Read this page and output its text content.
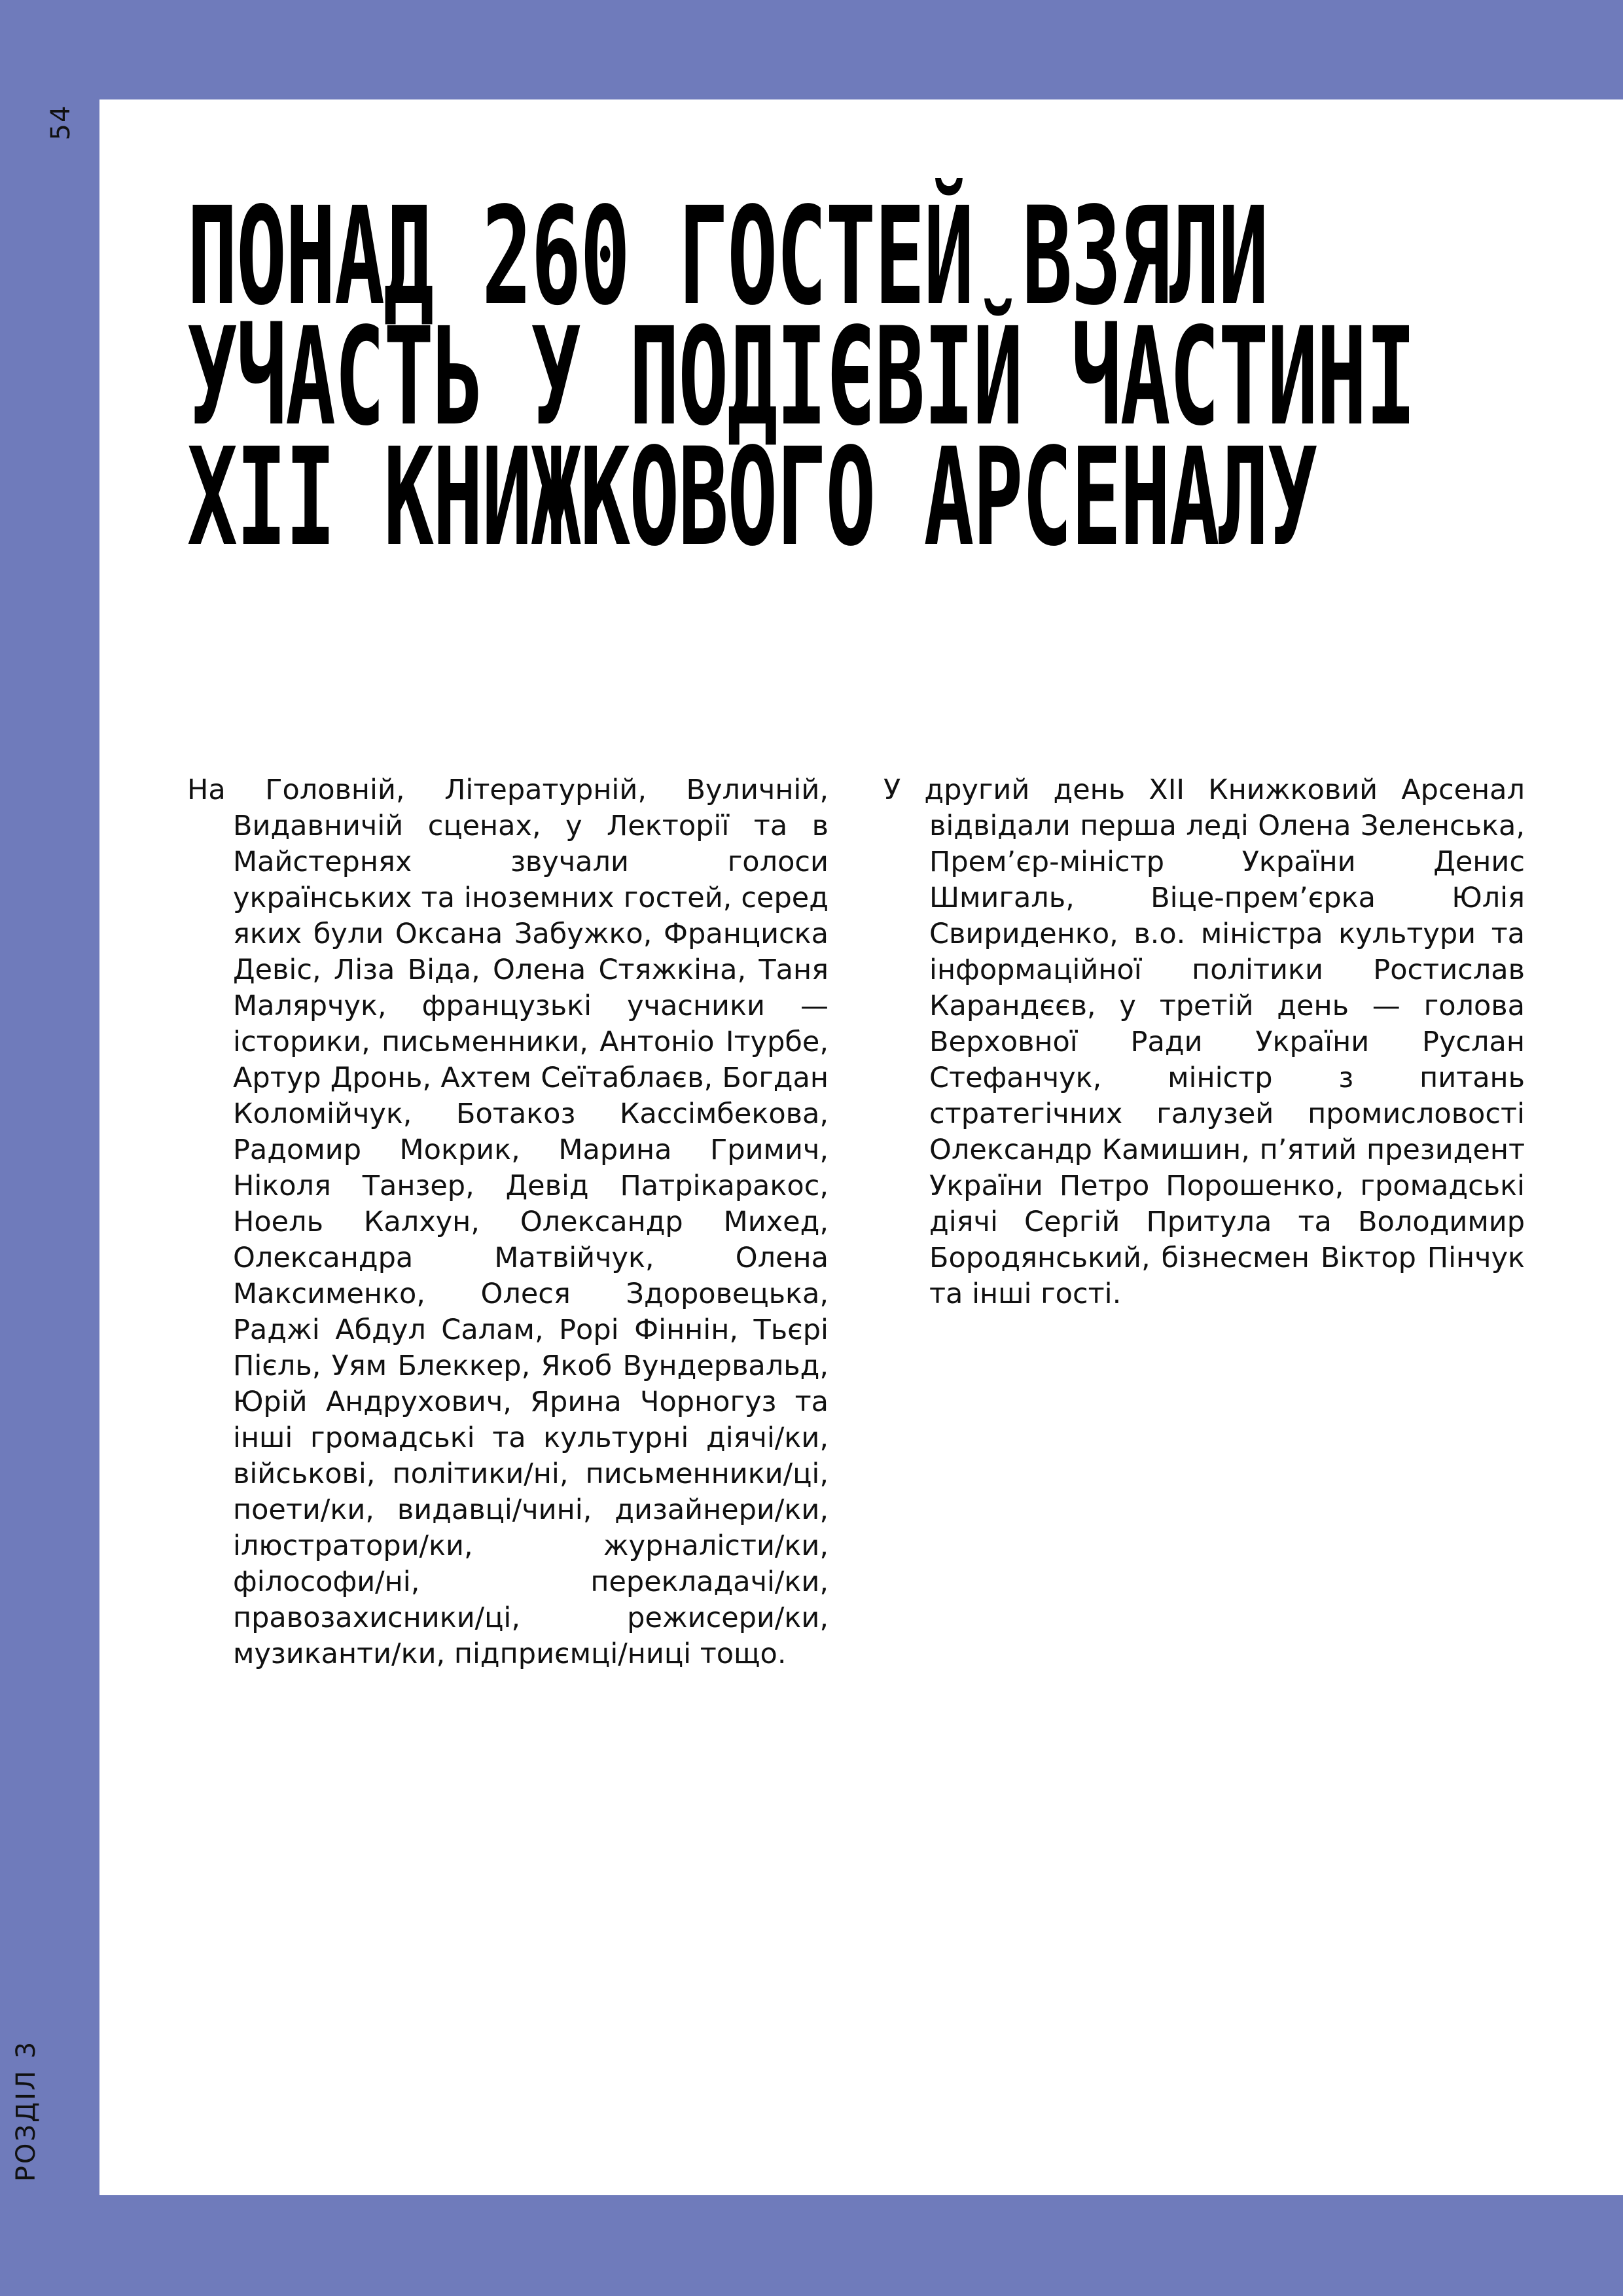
54
РОЗДІЛ 3
ПОНАД 260 ГОСТЕЙ ВЗЯЛИ УЧАСТЬ У ПОДІЄВІЙ ЧАСТИНІ XII КНИЖКОВОГО АРСЕНАЛУ

На Головній, Літературній, Вуличній, Видавничій сценах, у Лекторії та в Майстернях звучали голоси українських та іноземних гостей, серед яких були Оксана Забужко, Франциска Девіс, Ліза Віда, Олена Стяжкіна, Таня Малярчук, французькі учасники — історики, письменники, Антоніо Ітурбе, Артур Дронь, Ахтем Сеїтаблаєв, Богдан Коломійчук, Ботакоз Кассімбекова, Радомир Мокрик, Марина Гримич, Ніколя Танзер, Девід Патрікаракос, Ноель Калхун, Олександр Михед, Олександра Матвійчук, Олена Максименко, Олеся Здоровецька, Раджі Абдул Салам, Рорі Фіннін, Тьєрі Пієль, Уям Блеккер, Якоб Вундервальд, Юрій Андрухович, Ярина Чорногуз та інші громадські та культурні діячі/ки, військові, політики/ні, письменники/ці, поети/ки, видавці/чині, дизайнери/ки, ілюстратори/ки, журналісти/ки, філософи/ні, перекладачі/ки, правозахисники/ці, режисери/ки, музиканти/ки, підприємці/ниці тощо.

У другий день XII Книжковий Арсенал відвідали перша леді Олена Зеленська, Прем’єр-міністр України Денис Шмигаль, Віце-прем’єрка Юлія Свириденко, в.о. міністра культури та інформаційної політики Ростислав Карандєєв, у третій день — голова Верховної Ради України Руслан Стефанчук, міністр з питань стратегічних галузей промисловості Олександр Камишин, п’ятий президент України Петро Порошенко, громадські діячі Сергій Притула та Володимир Бородянський, бізнесмен Віктор Пінчук та інші гості.
